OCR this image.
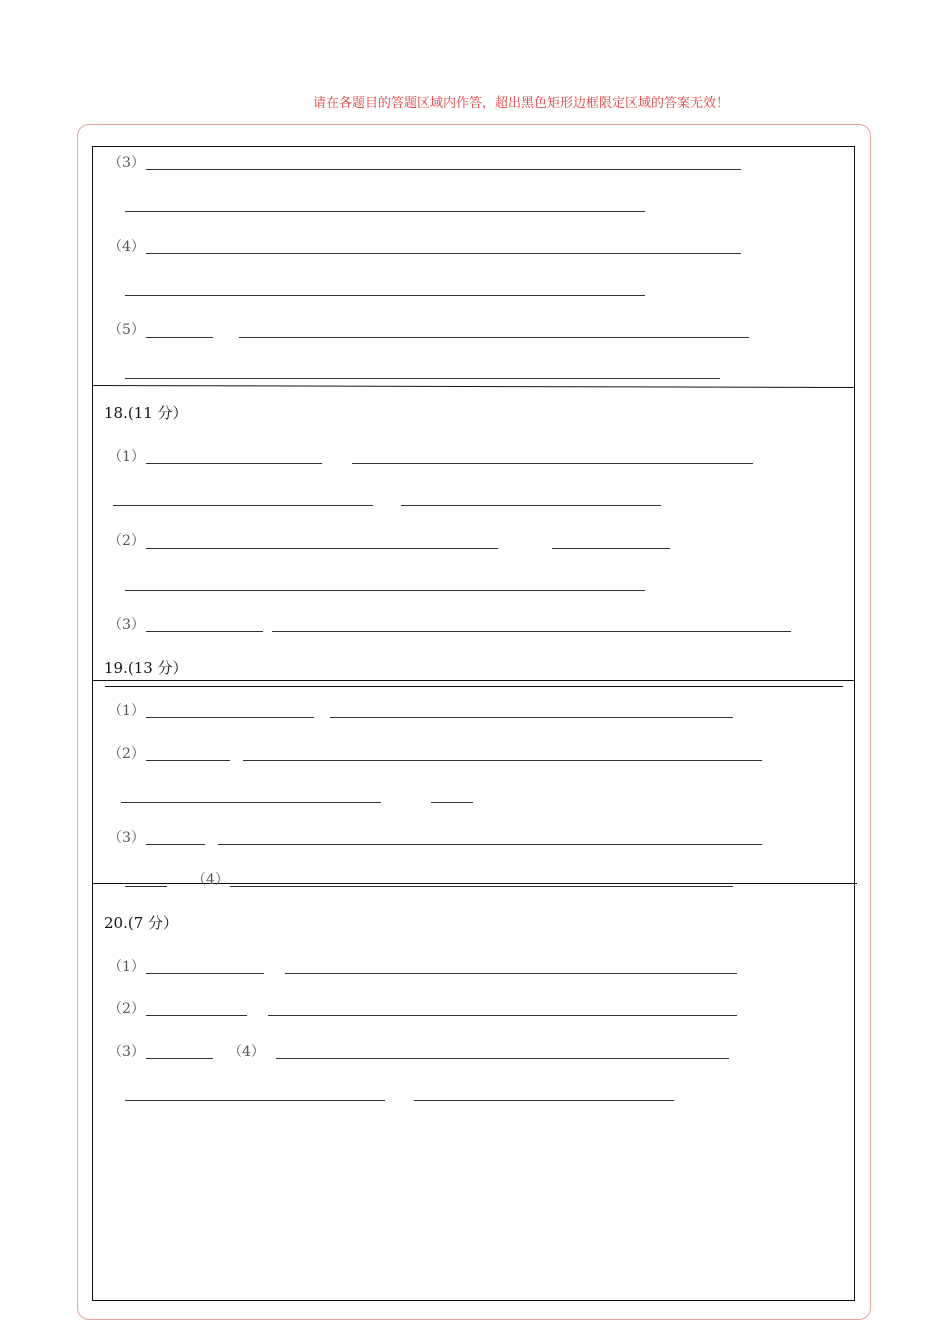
请在各题目的答题区域内作答，超出黑色矩形边框限定区域的答案无效！
（3）
（4）
（5）
18.(11 分）
（1）
（2）
（3）
19.(13 分）
（1）
（2）
（3）
（4）
20.(7 分）
（1）
（2）
（3）	（4）
